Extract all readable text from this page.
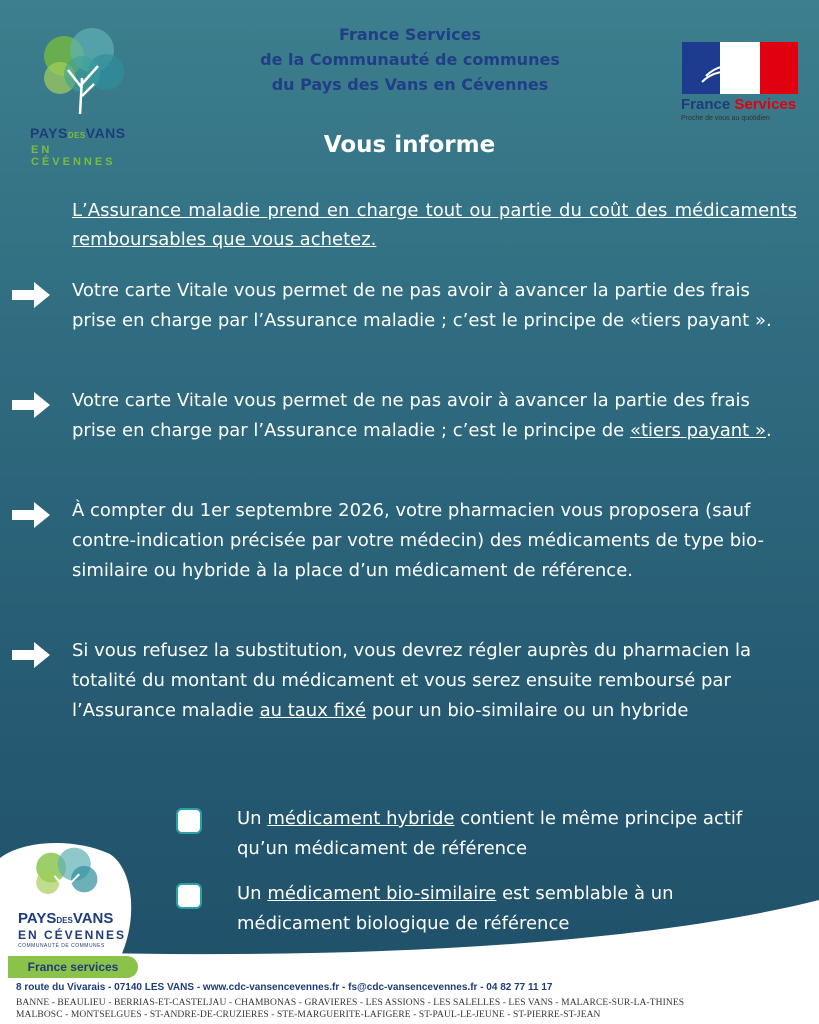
PAYSDESVANS
EN CÉVENNES
France Services
de la Communauté de communes
du Pays des Vans en Cévennes
France Services
Proche de vous au quotidien
Vous informe
L’Assurance maladie prend en charge tout ou partie du coût des médicaments remboursables que vous achetez.
Votre carte Vitale vous permet de ne pas avoir à avancer la partie des frais prise en charge par l’Assurance maladie ; c’est le principe de «tiers payant ».
Votre carte Vitale vous permet de ne pas avoir à avancer la partie des frais prise en charge par l’Assurance maladie ; c’est le principe de «tiers payant ».
À compter du 1er septembre 2026, votre pharmacien vous proposera (sauf contre-indication précisée par votre médecin) des médicaments de type bio-similaire ou hybride à la place d’un médicament de référence.
Si vous refusez la substitution, vous devrez régler auprès du pharmacien la totalité du montant du médicament et vous serez ensuite remboursé par l’Assurance maladie au taux fixé pour un bio-similaire ou un hybride
Un médicament hybride contient le même principe actif qu’un médicament de référence
Un médicament bio-similaire est semblable à un médicament biologique de référence
PAYSDESVANS
EN CÉVENNES
COMMUNAUTÉ DE COMMUNES
France services
8 route du Vivarais - 07140 LES VANS - www.cdc-vansencevennes.fr - fs@cdc-vansencevennes.fr - 04 82 77 11 17
BANNE - BEAULIEU - BERRIAS-ET-CASTELJAU - CHAMBONAS - GRAVIERES - LES ASSIONS - LES SALELLES - LES VANS - MALARCE-SUR-LA-THINES
MALBOSC - MONTSELGUES - ST-ANDRE-DE-CRUZIERES - STE-MARGUERITE-LAFIGERE - ST-PAUL-LE-JEUNE - ST-PIERRE-ST-JEAN
